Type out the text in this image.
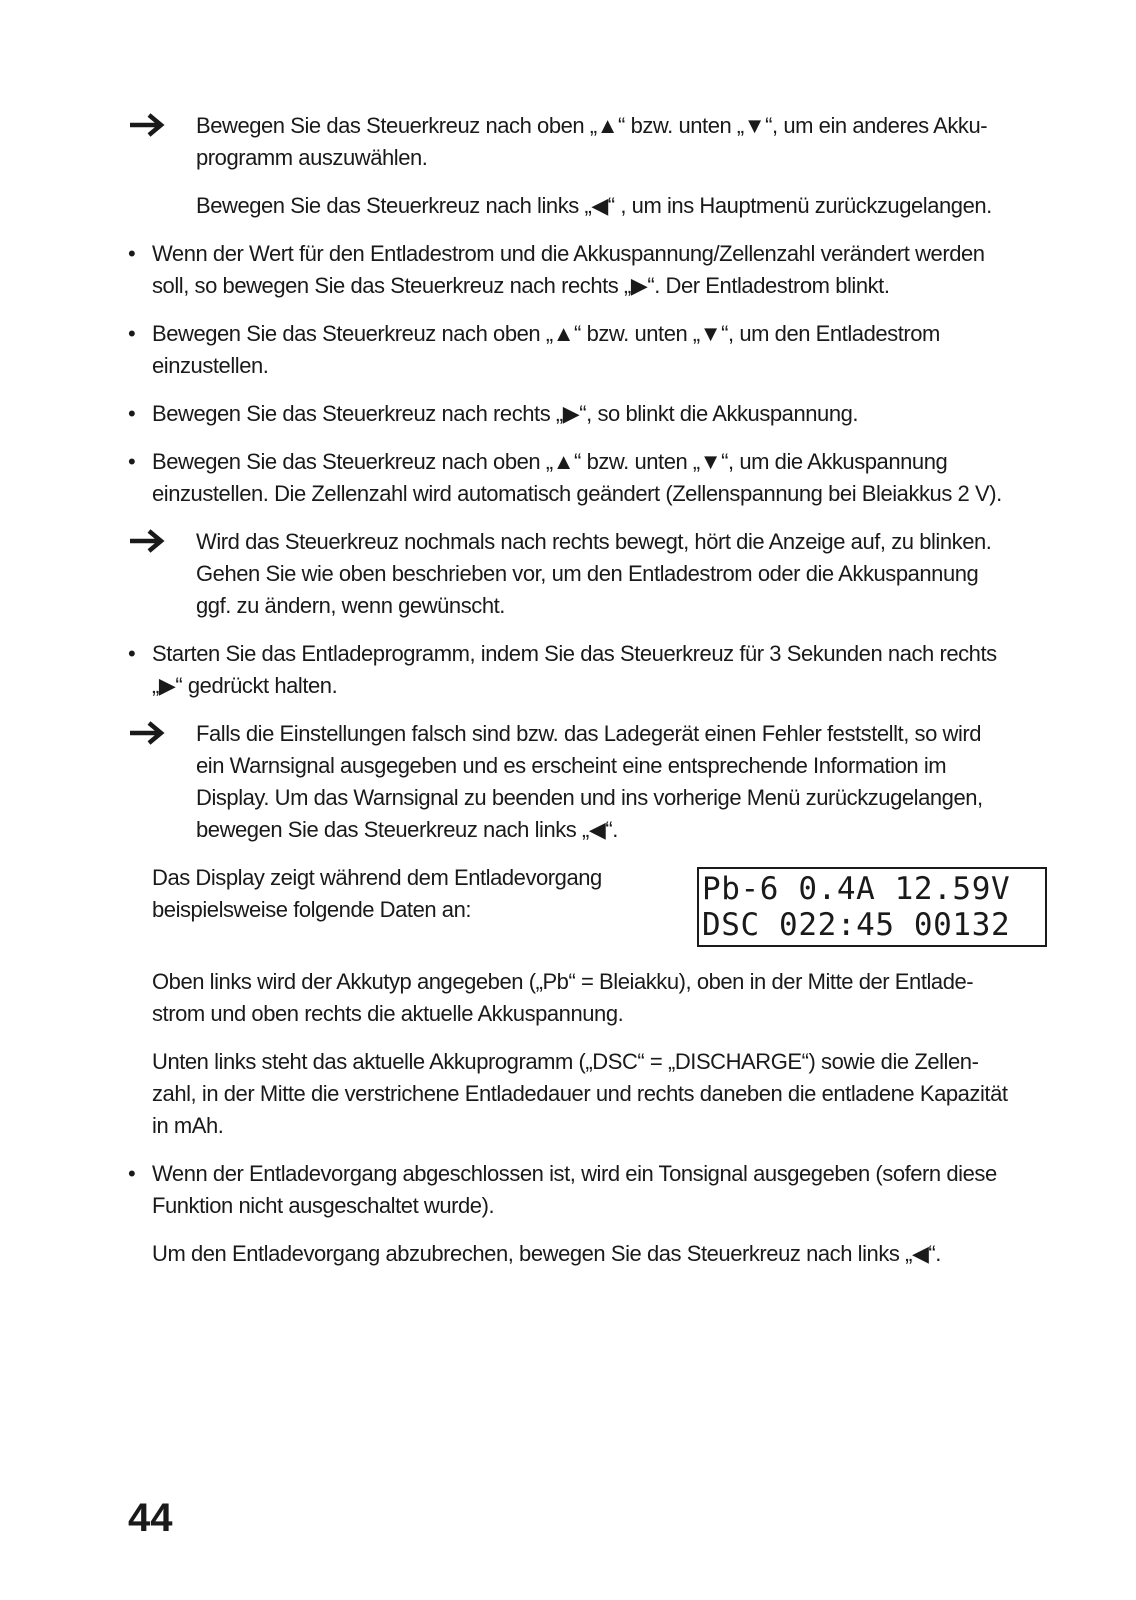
Bewegen Sie das Steuerkreuz nach oben „▲“ bzw. unten „▼“, um ein anderes Akku-
programm auszuwählen.

Bewegen Sie das Steuerkreuz nach links „◀“ , um ins Hauptmenü zurückzugelangen.

• Wenn der Wert für den Entladestrom und die Akkuspannung/Zellenzahl verändert werden
soll, so bewegen Sie das Steuerkreuz nach rechts „▶“. Der Entladestrom blinkt.

• Bewegen Sie das Steuerkreuz nach oben „▲“ bzw. unten „▼“, um den Entladestrom
einzustellen.

• Bewegen Sie das Steuerkreuz nach rechts „▶“, so blinkt die Akkuspannung.

• Bewegen Sie das Steuerkreuz nach oben „▲“ bzw. unten „▼“, um die Akkuspannung
einzustellen. Die Zellenzahl wird automatisch geändert (Zellenspannung bei Bleiakkus 2 V).

Wird das Steuerkreuz nochmals nach rechts bewegt, hört die Anzeige auf, zu blinken.
Gehen Sie wie oben beschrieben vor, um den Entladestrom oder die Akkuspannung
ggf. zu ändern, wenn gewünscht.

• Starten Sie das Entladeprogramm, indem Sie das Steuerkreuz für 3 Sekunden nach rechts
„▶“ gedrückt halten.

Falls die Einstellungen falsch sind bzw. das Ladegerät einen Fehler feststellt, so wird
ein Warnsignal ausgegeben und es erscheint eine entsprechende Information im
Display. Um das Warnsignal zu beenden und ins vorherige Menü zurückzugelangen,
bewegen Sie das Steuerkreuz nach links „◀“.

Das Display zeigt während dem Entladevorgang
beispielsweise folgende Daten an:

Pb-6 0.4A 12.59V
DSC 022:45 00132

Oben links wird der Akkutyp angegeben („Pb“ = Bleiakku), oben in der Mitte der Entlade-
strom und oben rechts die aktuelle Akkuspannung.

Unten links steht das aktuelle Akkuprogramm („DSC“ = „DISCHARGE“) sowie die Zellen-
zahl, in der Mitte die verstrichene Entladedauer und rechts daneben die entladene Kapazität
in mAh.

• Wenn der Entladevorgang abgeschlossen ist, wird ein Tonsignal ausgegeben (sofern diese
Funktion nicht ausgeschaltet wurde).

Um den Entladevorgang abzubrechen, bewegen Sie das Steuerkreuz nach links „◀“.

44
